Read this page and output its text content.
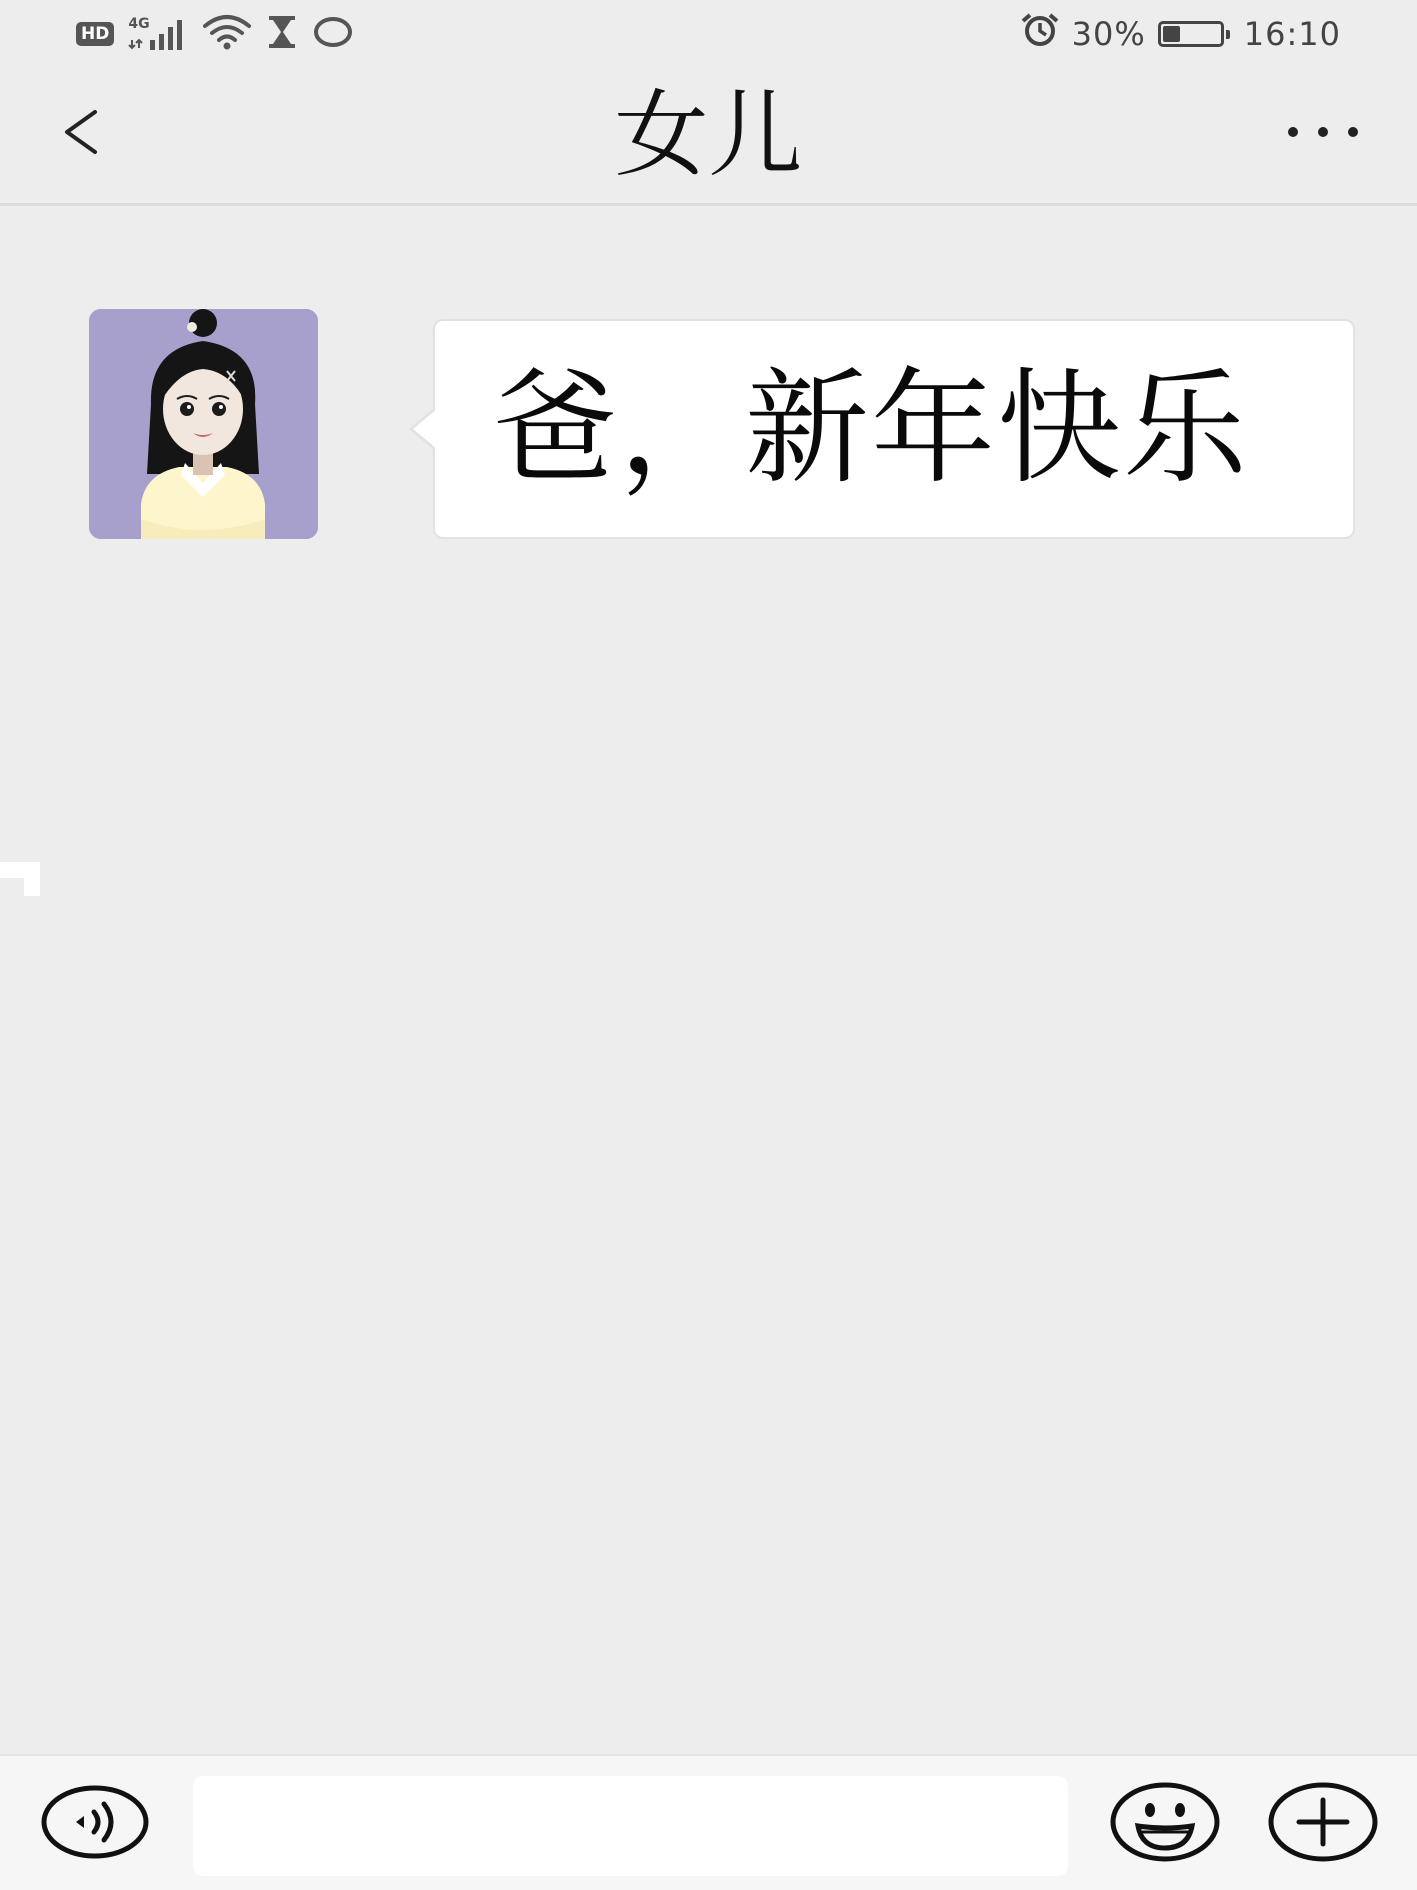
HD	4G	30%	16:10
女儿
爸，新年快乐
